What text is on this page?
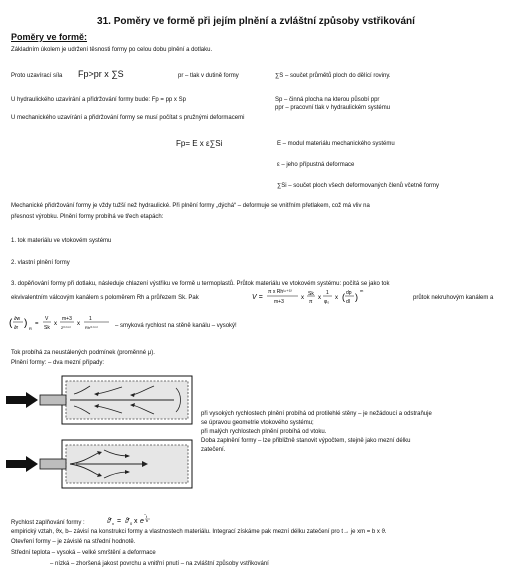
31. Poměry ve formě při jejím plnění a zvláštní způsoby vstřikování
Poměry ve formě:
Základním úkolem je udržení těsnosti formy po celou dobu plnění a dotlaku.
Proto uzavírací síla Fp>pr x ∑S	pr – tlak v dutině formy	∑S – součet průmětů ploch do dělící roviny.
U hydraulického uzavírání a přidržování formy bude: Fp = pp x Sp	Sp – činná plocha na kterou působí ppr
ppr – pracovní tlak v hydraulickém systému
U mechanického uzavírání a přidržování formy se musí počítat s pružnými deformacemi
Fp= E x ε∑Si	E – modul materiálu mechanického systému
ε – jeho přípustná deformace
∑Si – součet ploch všech deformovaných členů včetně formy
Mechanické přidržování formy je vždy tužší než hydraulické. Při plnění formy „dýchá“ – deformuje se vnitřním přetlakem, což má vliv na
přesnost výrobku. Plnění formy probíhá ve třech etapách:
1. tok materiálu ve vtokovém systému
2. vlastní plnění formy
3. dopěňování formy při dotlaku, následuje chlazení výstřiku ve formě u termoplastů. Průtok materiálu ve vtokovém systému: počítá se jako tok
ekvivalentním válcovým kanálem s poloměrem Rh a průřezem Sk. Pak	V =
π x Rh⁽ⁿ⁺³⁾
m+3
x
Sk
π
x
1
φ₀
x ( dp
dl )
m
průtok nekruhovým kanálem a
( ∂w
∂r ) R
=
V
Sk
x
m+3
2⁽¹⁺ᵐ⁾
x
1
Rh⁽¹⁺ᵐ⁾	– smyková rychlost na stěně kanálu – vysoký!
Tok probíhá za neustálených podmínek (proměnné μ).
Plnění formy: – dva mezní případy:
při vysokých rychlostech plnění probíhá od protilehlé stěny – je nežádoucí a odstraňuje
se úpravou geometrie vtokového systému;
při malých rychlostech plnění probíhá od vtoku.
Doba zaplnění formy – lze přibližně stanovit výpočtem, stejně jako mezní délku
zatečení.
Rychlost zaplňování formy :	ϑ̄ x = ϑ̄ 0 x e
t
b
−
empirický vztah, ϑx, b– závisí na konstrukci formy a vlastnostech materiálu. Integrací získáme pak mezní délku zatečení pro t→ je xm = b x ϑ.
Otevření formy – je závislé na střední hodnotě.
Střední teplota – vysoká – velké smrštění a deformace
– nízká – zhoršená jakost povrchu a vnitřní pnutí – na zvláštní způsoby vstřikování
